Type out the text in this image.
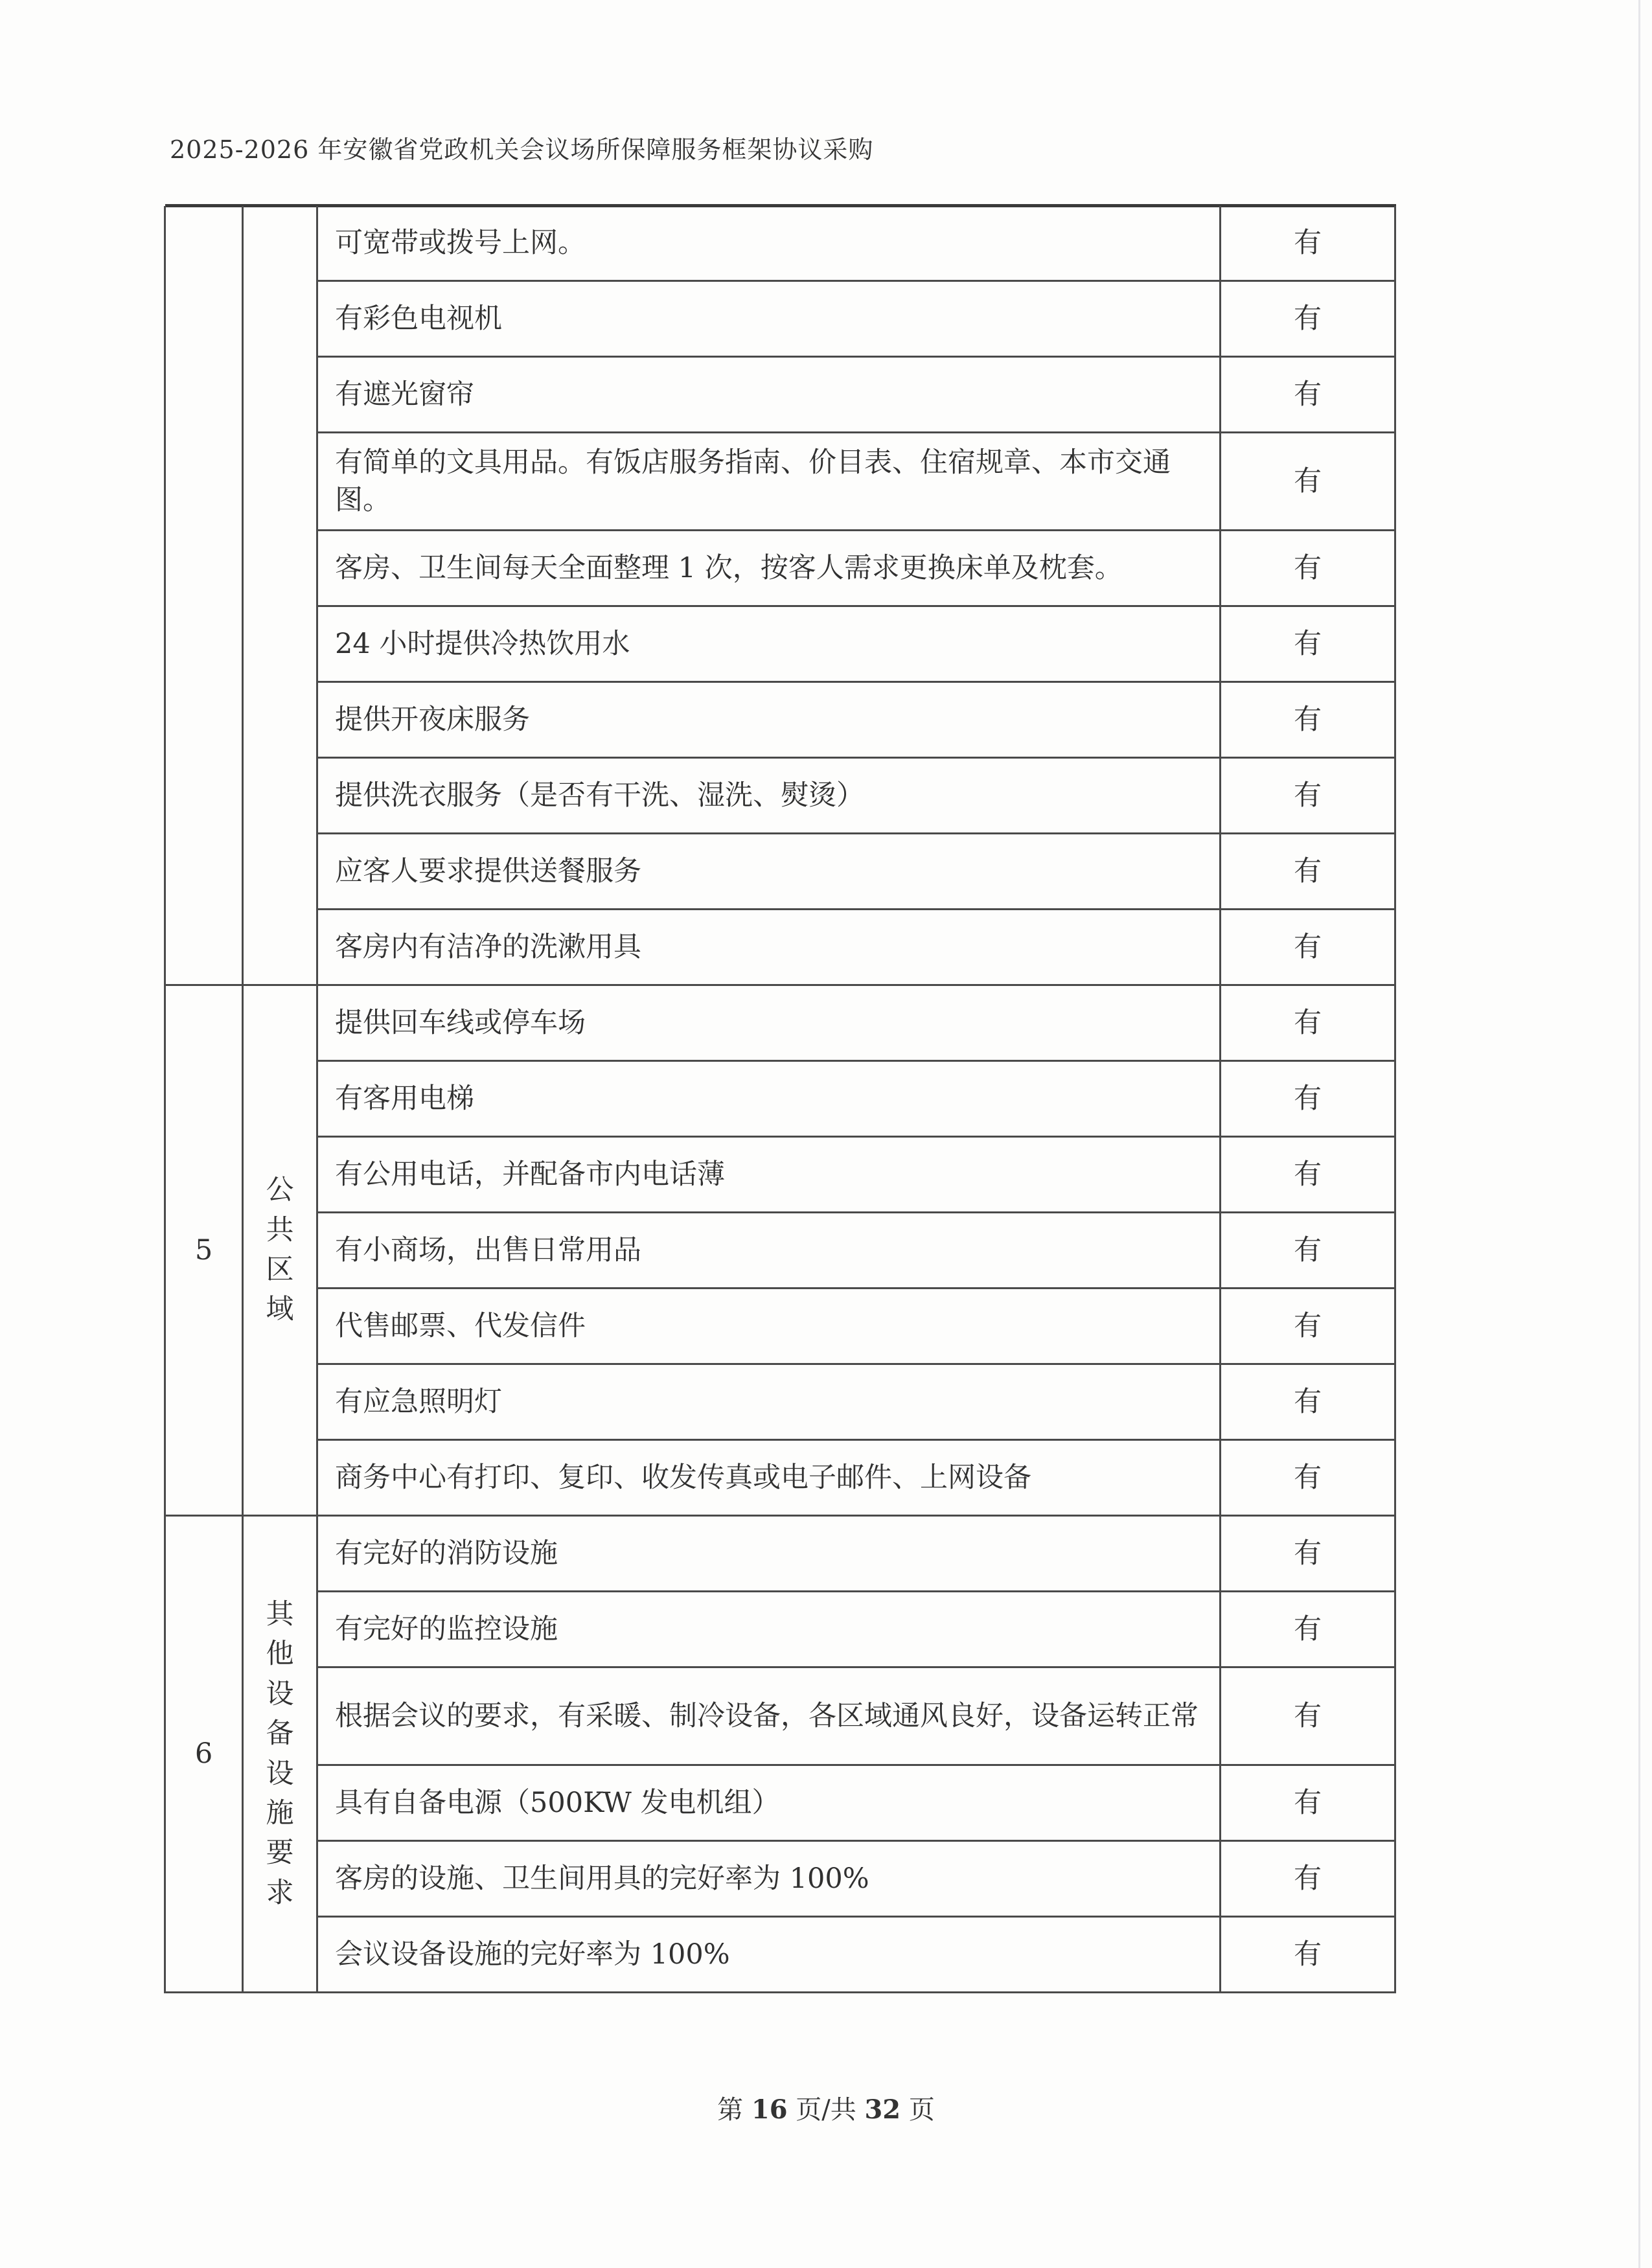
2025-2026 年安徽省党政机关会议场所保障服务框架协议采购
		可宽带或拨号上网。	有
		有彩色电视机	有
		有遮光窗帘	有
		有简单的文具用品。有饭店服务指南、价目表、住宿规章、本市交通图。	有
		客房、卫生间每天全面整理 1 次，按客人需求更换床单及枕套。	有
		24 小时提供冷热饮用水	有
		提供开夜床服务	有
		提供洗衣服务（是否有干洗、湿洗、熨烫）	有
		应客人要求提供送餐服务	有
		客房内有洁净的洗漱用具	有
5	公共区域	提供回车线或停车场	有
		有客用电梯	有
		有公用电话，并配备市内电话薄	有
		有小商场，出售日常用品	有
		代售邮票、代发信件	有
		有应急照明灯	有
		商务中心有打印、复印、收发传真或电子邮件、上网设备	有
6	其他设备设施要求	有完好的消防设施	有
		有完好的监控设施	有
		根据会议的要求，有采暖、制冷设备，各区域通风良好，设备运转正常	有
		具有自备电源（500KW 发电机组）	有
		客房的设施、卫生间用具的完好率为 100%	有
		会议设备设施的完好率为 100%	有
第 16 页/共 32 页
